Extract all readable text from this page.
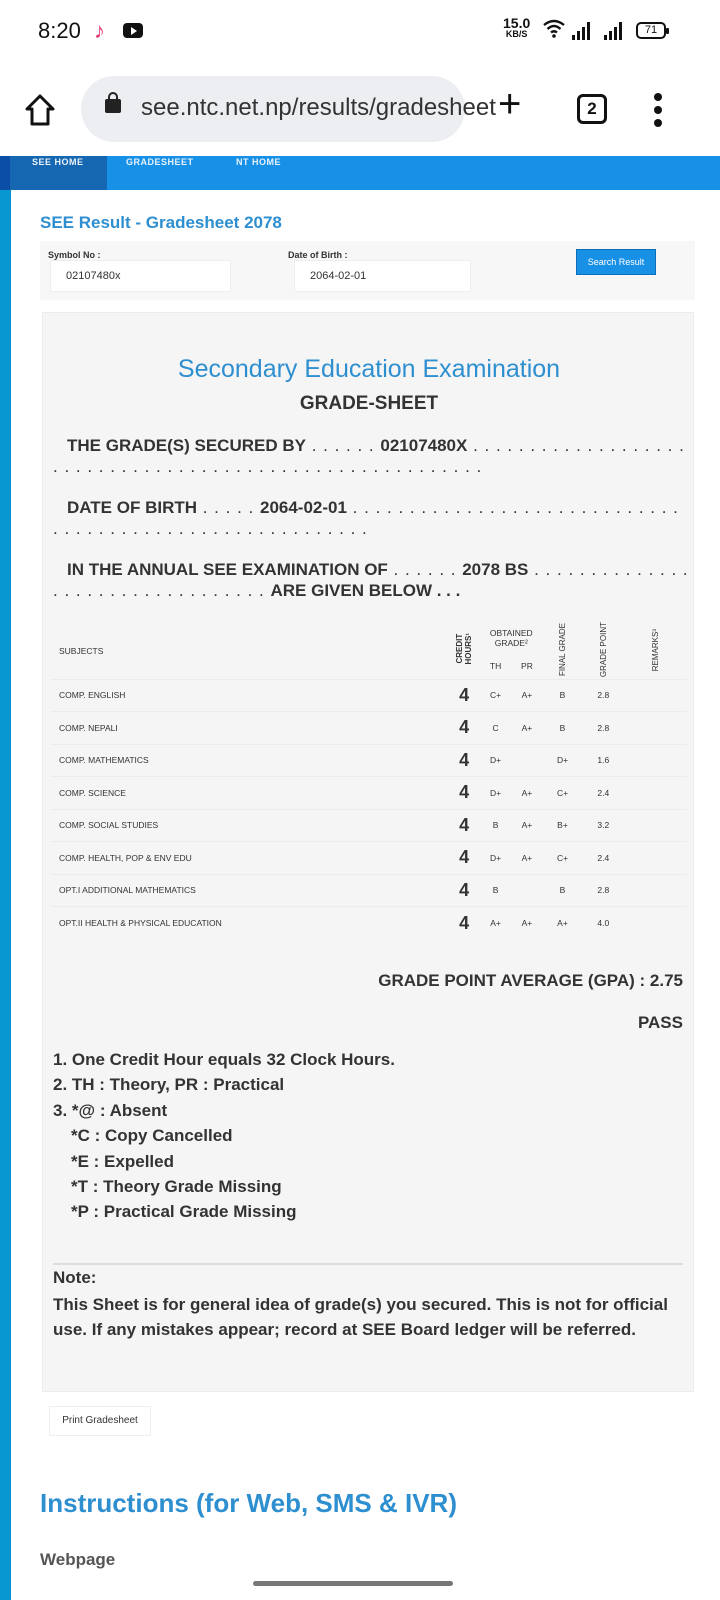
8:20 ♪	15.0
KB/S	71
see.ntc.net.np/results/gradesheet +	2
SEE HOME	GRADESHEET	NT HOME
SEE Result - Gradesheet 2078
Symbol No :
02107480x	Date of Birth :
2064-02-01
Search Result
Secondary Education Examination
GRADE-SHEET
THE GRADE(S) SECURED BY . . . . . . 02107480X . . . . . . . . . . . . . . . . . . . . . . . . . . . . . . . . . . . . . . . . . . . . . . . . . . . . . . . . .
DATE OF BIRTH . . . . . 2064-02-01 . . . . . . . . . . . . . . . . . . . . . . . . . . . . . . . . . . . . . . . . . . . . . . . . . . . . . . . . .
IN THE ANNUAL SEE EXAMINATION OF . . . . . . 2078 BS . . . . . . . . . . . . . . . . . . . . . . . . . . . . . . . . . ARE GIVEN BELOW . . .
SUBJECTS	CREDIT HOURS¹	OBTAINED GRADE²		FINAL GRADE	GRADE POINT	REMARKS³
		TH	PR			
COMP. ENGLISH	4	C+	A+	B	2.8	
COMP. NEPALI	4	C	A+	B	2.8	
COMP. MATHEMATICS	4	D+		D+	1.6	
COMP. SCIENCE	4	D+	A+	C+	2.4	
COMP. SOCIAL STUDIES	4	B	A+	B+	3.2	
COMP. HEALTH, POP & ENV EDU	4	D+	A+	C+	2.4	
OPT.I ADDITIONAL MATHEMATICS	4	B		B	2.8	
OPT.II HEALTH & PHYSICAL EDUCATION	4	A+	A+	A+	4.0	
GRADE POINT AVERAGE (GPA) : 2.75
PASS
1. One Credit Hour equals 32 Clock Hours.
2. TH : Theory, PR : Practical
3. *@ : Absent
*C : Copy Cancelled
*E : Expelled
*T : Theory Grade Missing
*P : Practical Grade Missing
Note:
This Sheet is for general idea of grade(s) you secured. This is not for official use. If any mistakes appear; record at SEE Board ledger will be referred.
Print Gradesheet
Instructions (for Web, SMS & IVR)
Webpage
